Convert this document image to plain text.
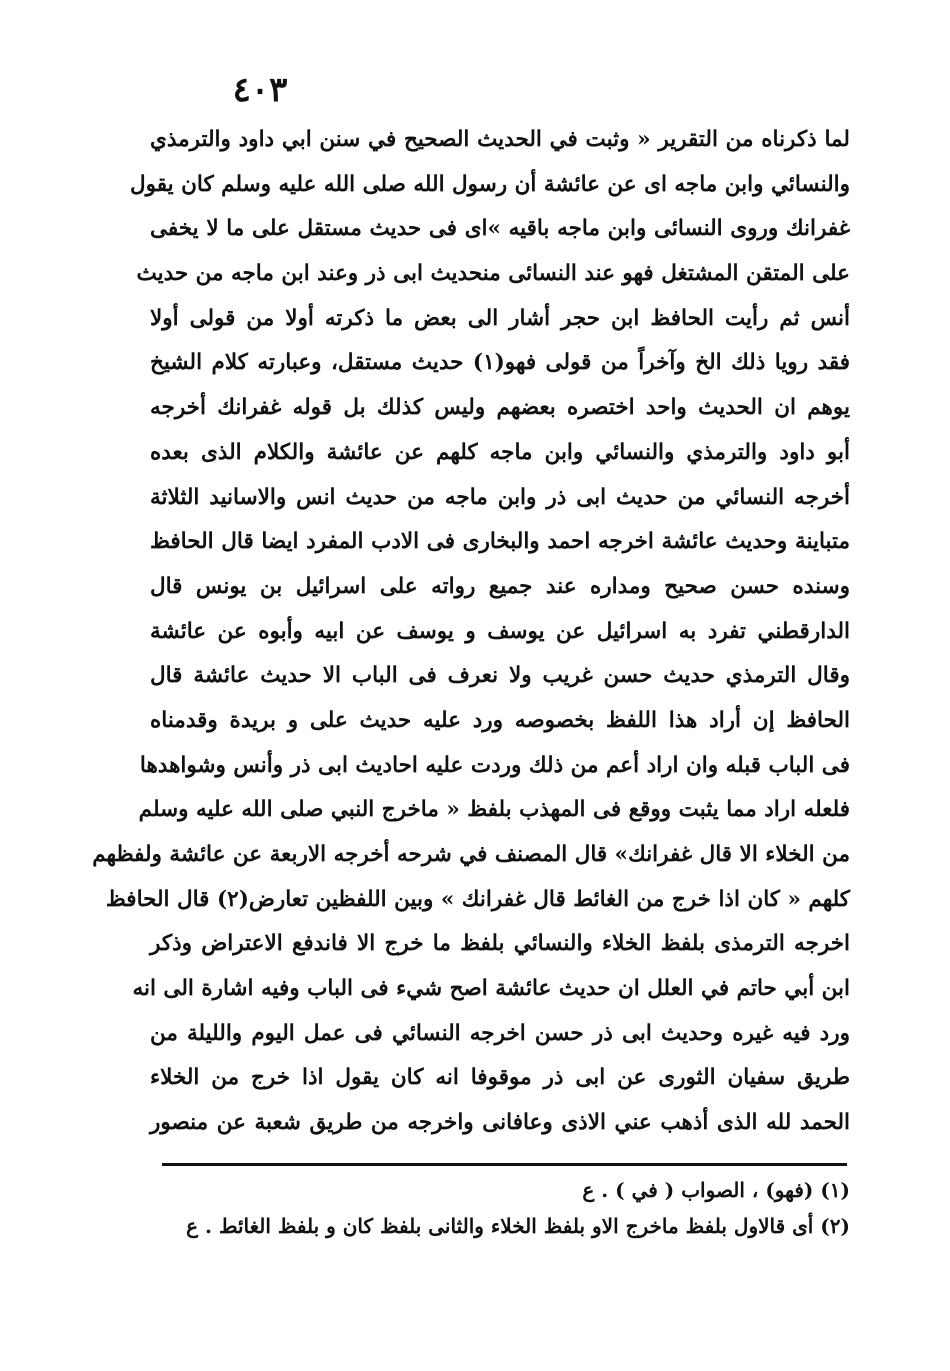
٤٠٣
لما ذكرناه من التقرير « وثبت في الحديث الصحيح في سنن ابي داود والترمذي
والنسائي وابن ماجه اى عن عائشة أن رسول الله صلى الله عليه وسلم كان يقول
غفرانك وروى النسائى وابن ماجه باقيه »اى فى حديث مستقل على ما لا يخفى
على المتقن المشتغل فهو عند النسائى منحديث ابى ذر وعند ابن ماجه من حديث
أنس ثم رأيت الحافظ ابن حجر أشار الى بعض ما ذكرته أولا من قولى أولا
فقد رويا ذلك الخ وآخراً من قولى فهو(١) حديث مستقل، وعبارته كلام الشيخ
يوهم ان الحديث واحد اختصره بعضهم وليس كذلك بل قوله غفرانك أخرجه
أبو داود والترمذي والنسائي وابن ماجه كلهم عن عائشة والكلام الذى بعده
أخرجه النسائي من حديث ابى ذر وابن ماجه من حديث انس والاسانيد الثلاثة
متباينة وحديث عائشة اخرجه احمد والبخارى فى الادب المفرد ايضا قال الحافظ
وسنده حسن صحيح ومداره عند جميع رواته على اسرائيل بن يونس قال
الدارقطني تفرد به اسرائيل عن يوسف و يوسف عن ابيه وأبوه عن عائشة
وقال الترمذي حديث حسن غريب ولا نعرف فى الباب الا حديث عائشة قال
الحافظ إن أراد هذا اللفظ بخصوصه ورد عليه حديث على و بريدة وقدمناه
فى الباب قبله وان اراد أعم من ذلك وردت عليه احاديث ابى ذر وأنس وشواهدها
فلعله اراد مما يثبت ووقع فى المهذب بلفظ « ماخرج النبي صلى الله عليه وسلم
من الخلاء الا قال غفرانك» قال المصنف في شرحه أخرجه الاربعة عن عائشة ولفظهم
كلهم « كان اذا خرج من الغائط قال غفرانك » وبين اللفظين تعارض(٢) قال الحافظ
اخرجه الترمذى بلفظ الخلاء والنسائي بلفظ ما خرج الا فاندفع الاعتراض وذكر
ابن أبي حاتم في العلل ان حديث عائشة اصح شيء فى الباب وفيه اشارة الى انه
ورد فيه غيره وحديث ابى ذر حسن اخرجه النسائي فى عمل اليوم والليلة من
طريق سفيان الثورى عن ابى ذر موقوفا انه كان يقول اذا خرج من الخلاء
الحمد لله الذى أذهب عني الاذى وعافانى واخرجه من طريق شعبة عن منصور
(١) (فهو) ، الصواب ( في ) . ع
(٢) أى قالاول بلفظ ماخرج الاو بلفظ الخلاء والثانى بلفظ كان و بلفظ الغائط . ع
